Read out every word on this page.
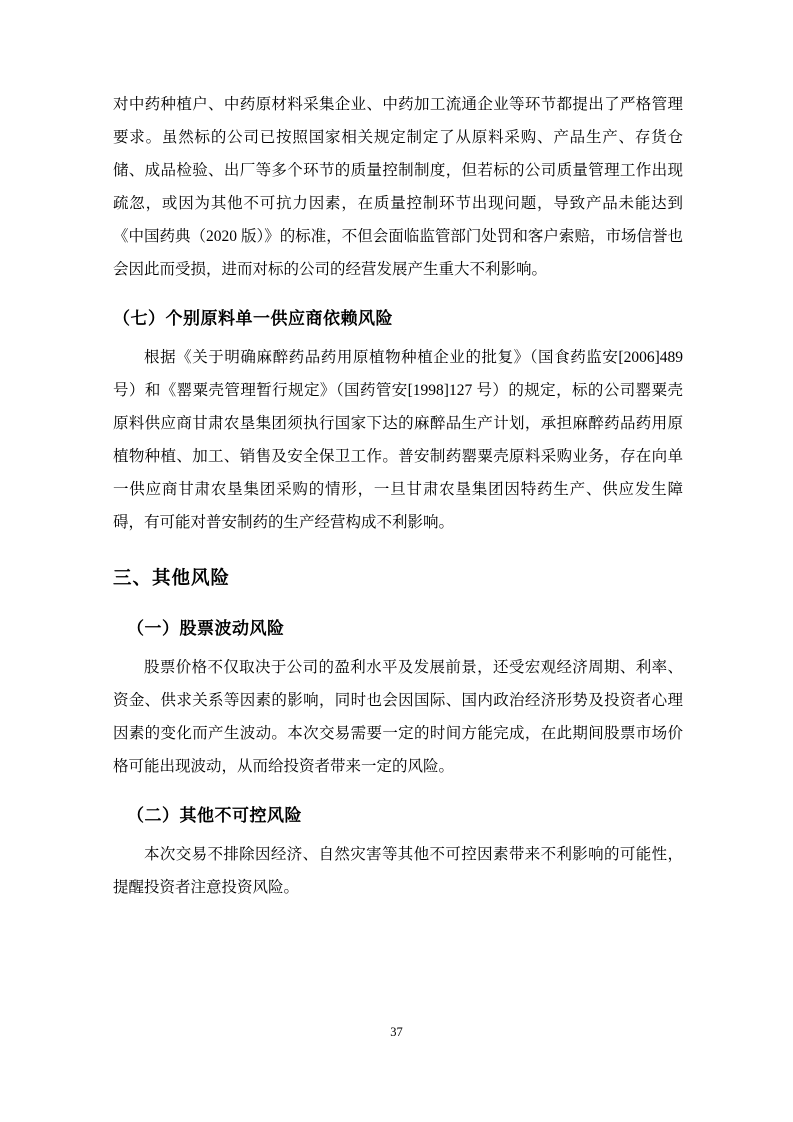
对中药种植户、中药原材料采集企业、中药加工流通企业等环节都提出了严格管理要求。虽然标的公司已按照国家相关规定制定了从原料采购、产品生产、存货仓储、成品检验、出厂等多个环节的质量控制制度，但若标的公司质量管理工作出现疏忽，或因为其他不可抗力因素，在质量控制环节出现问题，导致产品未能达到《中国药典（2020 版）》的标准，不但会面临监管部门处罚和客户索赔，市场信誉也会因此而受损，进而对标的公司的经营发展产生重大不利影响。

（七）个别原料单一供应商依赖风险

根据《关于明确麻醉药品药用原植物种植企业的批复》（国食药监安[2006]489 号）和《罂粟壳管理暂行规定》（国药管安[1998]127 号）的规定，标的公司罂粟壳原料供应商甘肃农垦集团须执行国家下达的麻醉品生产计划，承担麻醉药品药用原植物种植、加工、销售及安全保卫工作。普安制药罂粟壳原料采购业务，存在向单一供应商甘肃农垦集团采购的情形，一旦甘肃农垦集团因特药生产、供应发生障碍，有可能对普安制药的生产经营构成不利影响。

三、其他风险
（一）股票波动风险

股票价格不仅取决于公司的盈利水平及发展前景，还受宏观经济周期、利率、资金、供求关系等因素的影响，同时也会因国际、国内政治经济形势及投资者心理因素的变化而产生波动。本次交易需要一定的时间方能完成，在此期间股票市场价格可能出现波动，从而给投资者带来一定的风险。

（二）其他不可控风险

本次交易不排除因经济、自然灾害等其他不可控因素带来不利影响的可能性，提醒投资者注意投资风险。

37
